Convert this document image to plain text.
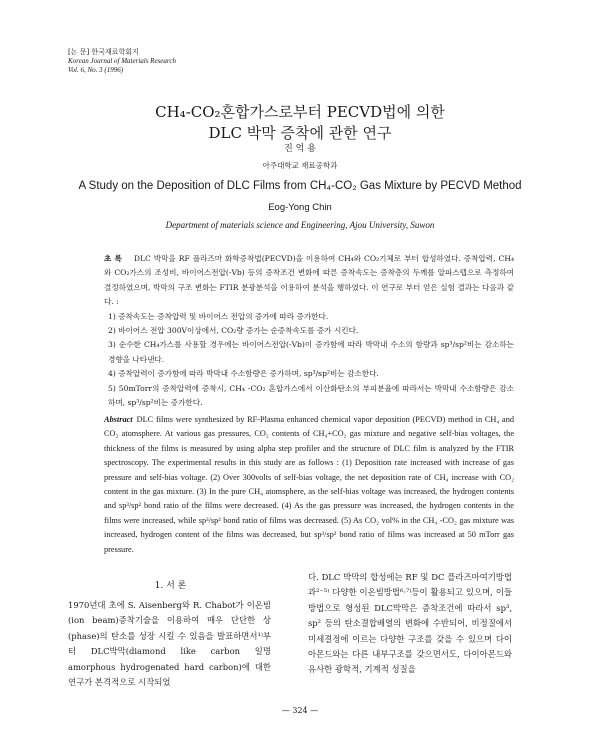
[논 문] 한국재료학회지
Korean Journal of Materials Research
Vol. 6, No. 3 (1996)
CH₄-CO₂혼합가스로부터 PECVD법에 의한
DLC 박막 증착에 관한 연구
진 억 용
아주대학교 재료공학과
A Study on the Deposition of DLC Films from CH₄-CO₂ Gas Mixture by PECVD Method
Eog-Yong Chin
Department of materials science and Engineering, Ajou University, Suwon
초 록 DLC 박막을 RF 플라즈마 화학증착법(PECVD)을 이용하여 CH₄와 CO₂기체로 부터 합성하였다. 증착압력, CH₄와 CO₂가스의 조성비, 바이어스전압(-Vb) 등의 증착조건 변화에 따른 증착속도는 증착층의 두께를 알파스텝으로 측정하여 결정하였으며, 박막의 구조 변화는 FTIR 분광분석을 이용하여 분석을 행하였다. 이 연구로 부터 얻은 실험 결과는 다음과 같다. :
1) 증착속도는 증착압력 및 바이어스 전압의 증가에 따라 증가한다.
2) 바이어스 전압 300V이상에서, CO₂량 증가는 순증착속도를 증가 시킨다.
3) 순수한 CH₄가스를 사용할 경우에는 바이어스전압(-Vb)이 증가함에 따라 박막내 수소의 함량과 sp³/sp²비는 감소하는 경향을 나타낸다.
4) 증착압력이 증가함에 따라 박막내 수소함량은 증가하며, sp³/sp²비는 감소한다.
5) 50mTorr의 증착압력에 증착시, CH₄ -CO₂ 혼합가스에서 이산화탄소의 부피분율에 따라서는 박막내 수소함량은 감소하며, sp³/sp²비는 증가한다.
Abstract DLC films were synthesized by RF-Plasma enhanced chemical vapor deposition (PECVD) method in CH₄ and CO₂ atomsphere. At various gas pressures, CO₂ contents of CH₄+CO₂ gas mixture and negative self-bias voltages, the thickness of the films is measured by using alpha step profiler and the structure of DLC film is analyzed by the FTIR spectroscopy. The experimental results in this study are as follows : (1) Deposition rate increased with increase of gas pressure and self-bias voltage. (2) Over 300volts of self-bias voltage, the net deposition rate of CH₄ increase with CO₂ content in the gas mixture. (3) In the pure CH₄ atomsphere, as the self-bias voltage was increased, the hydrogen contents and sp³/sp² bond ratio of the films were decreased. (4) As the gas pressure was increased, the hydrogen contents in the films were increased, while sp³/sp² bond ratio of films was decreased. (5) As CO₂ vol% in the CH₄ -CO₂ gas mixture was increased, hydrogen content of the films was decreased, but sp³/sp² bond ratio of films was increased at 50 mTorr gas pressure.
1. 서 론
1970년대 초에 S. Aisenberg와 R. Chabot가 이온빔(ion beam)증착기술을 이용하여 매우 단단한 상(phase)의 탄소를 성장 시킬 수 있음을 발표하면서¹⁾부터 DLC박막(diamond like carbon 일명 amorphous hydrogenated hard carbon)에 대한 연구가 본격적으로 시작되었
다. DLC 박막의 합성에는 RF 및 DC 플라즈마여기방법과²⁻⁵⁾ 다양한 이온빔방법⁶·⁷⁾등이 활용되고 있으며, 이들 방법으로 형성된 DLC박막은 증착조건에 따라서 sp³, sp² 등의 탄소결합배열의 변화에 수반되어, 비정질에서 미세결정에 이르는 다양한 구조를 갖을 수 있으며 다이아몬드와는 다른 내부구조를 갖으면서도, 다이아몬드와 유사한 광학적, 기계적 성질을
— 324 —
